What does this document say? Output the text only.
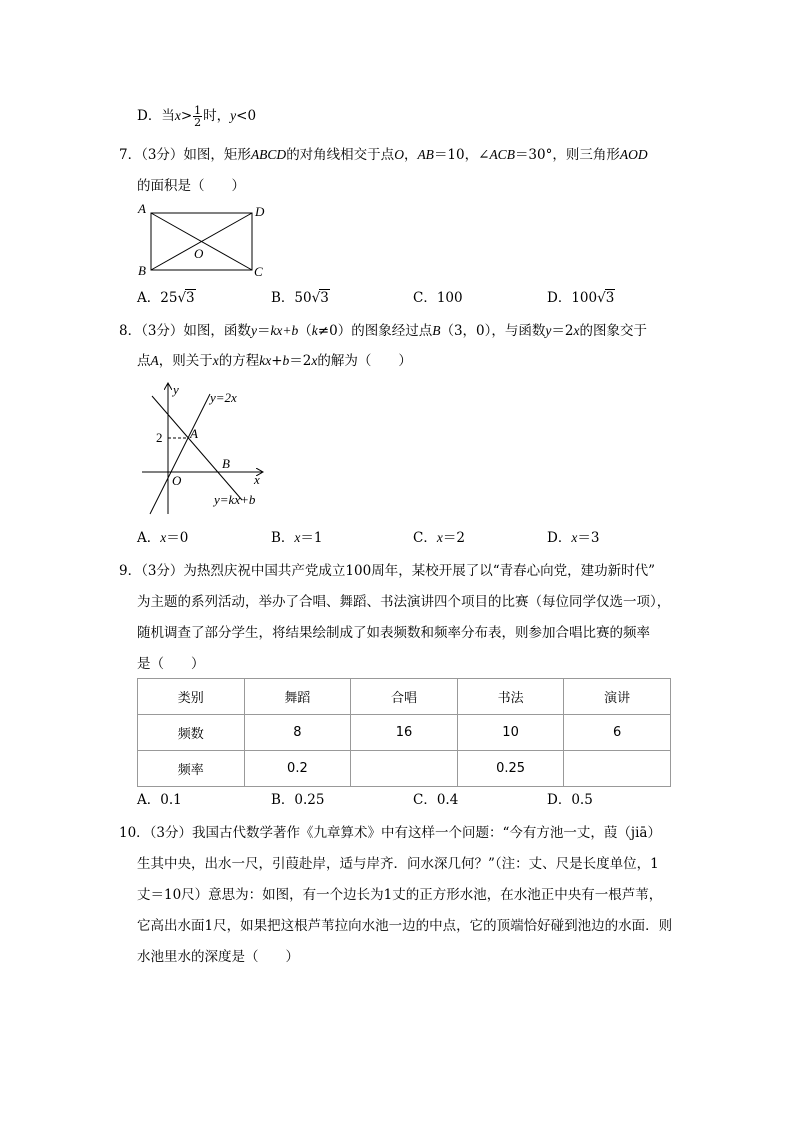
D．当$x> \frac{1}{2}$ 时，y<0
7．（3分）如图，矩形ABCD的对角线相交于点O，AB＝10，∠ACB＝30°，则三角形AOD
的面积是（　　）
A	D
B	C
O
A．25√3	B．50√3	C．100	D．100√3
8．（3分）如图，函数y＝kx+b（k≠0）的图象经过点B（3，0），与函数y＝2x的图象交于
点A，则关于x的方程kx+b＝2x的解为（　　）
y
x
O
A
B
2
y=2x
y=kx+b
A．x＝0	B．x＝1	C．x＝2	D．x＝3
9．（3分）为热烈庆祝中国共产党成立100周年，某校开展了以“青春心向党，建功新时代”
为主题的系列活动，举办了合唱、舞蹈、书法演讲四个项目的比赛（每位同学仅选一项），
随机调查了部分学生，将结果绘制成了如表频数和频率分布表，则参加合唱比赛的频率
是（　　）
类别	舞蹈	合唱	书法	演讲
频数	8	16	10	6
频率	0.2		0.25	
A．0.1	B．0.25	C．0.4	D．0.5
10．（3分）我国古代数学著作《九章算术》中有这样一个问题：“今有方池一丈，葭（jiā）
生其中央，出水一尺，引葭赴岸，适与岸齐．问水深几何？”（注：丈、尺是长度单位，1
丈＝10尺）意思为：如图，有一个边长为1丈的正方形水池，在水池正中央有一根芦苇，
它高出水面1尺，如果把这根芦苇拉向水池一边的中点，它的顶端恰好碰到池边的水面．则
水池里水的深度是（　　）
